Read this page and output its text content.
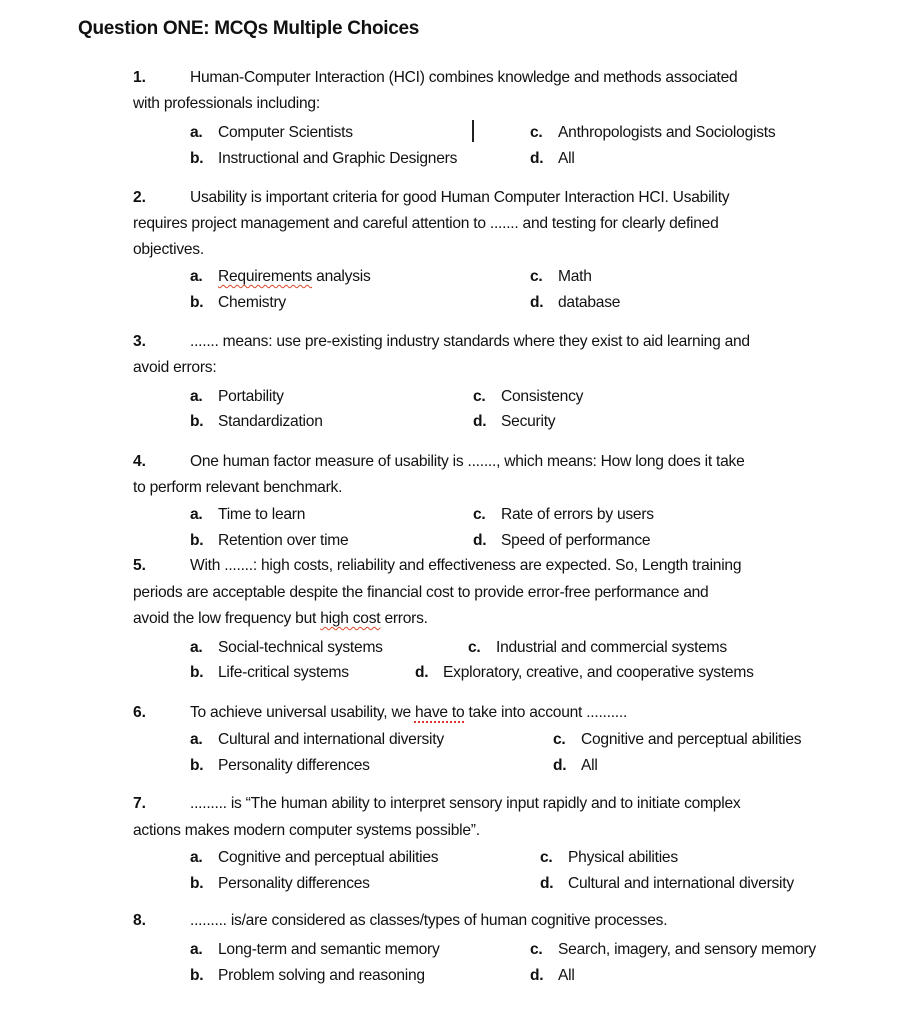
Question ONE: MCQs Multiple Choices
1.	Human-Computer Interaction (HCI) combines knowledge and methods associated
with professionals including:
a. Computer Scientists
b. Instructional and Graphic Designers
c. Anthropologists and Sociologists
d. All
2.	Usability is important criteria for good Human Computer Interaction HCI. Usability
requires project management and careful attention to ....... and testing for clearly defined
objectives.
a. Requirements analysis
b. Chemistry
c. Math
d. database
3.	....... means: use pre-existing industry standards where they exist to aid learning and
avoid errors:
a. Portability
b. Standardization
c. Consistency
d. Security
4.	One human factor measure of usability is ......., which means: How long does it take
to perform relevant benchmark.
a. Time to learn
b. Retention over time
c. Rate of errors by users
d. Speed of performance
5.	With .......: high costs, reliability and effectiveness are expected. So, Length training
periods are acceptable despite the financial cost to provide error-free performance and
avoid the low frequency but high cost errors.
a. Social-technical systems
b. Life-critical systems
c. Industrial and commercial systems
d. Exploratory, creative, and cooperative systems
6.	To achieve universal usability, we have to take into account ..........
a. Cultural and international diversity
b. Personality differences
c. Cognitive and perceptual abilities
d. All
7.	......... is “The human ability to interpret sensory input rapidly and to initiate complex
actions makes modern computer systems possible”.
a. Cognitive and perceptual abilities
b. Personality differences
c. Physical abilities
d. Cultural and international diversity
8.	......... is/are considered as classes/types of human cognitive processes.
a. Long-term and semantic memory
b. Problem solving and reasoning
c. Search, imagery, and sensory memory
d. All
